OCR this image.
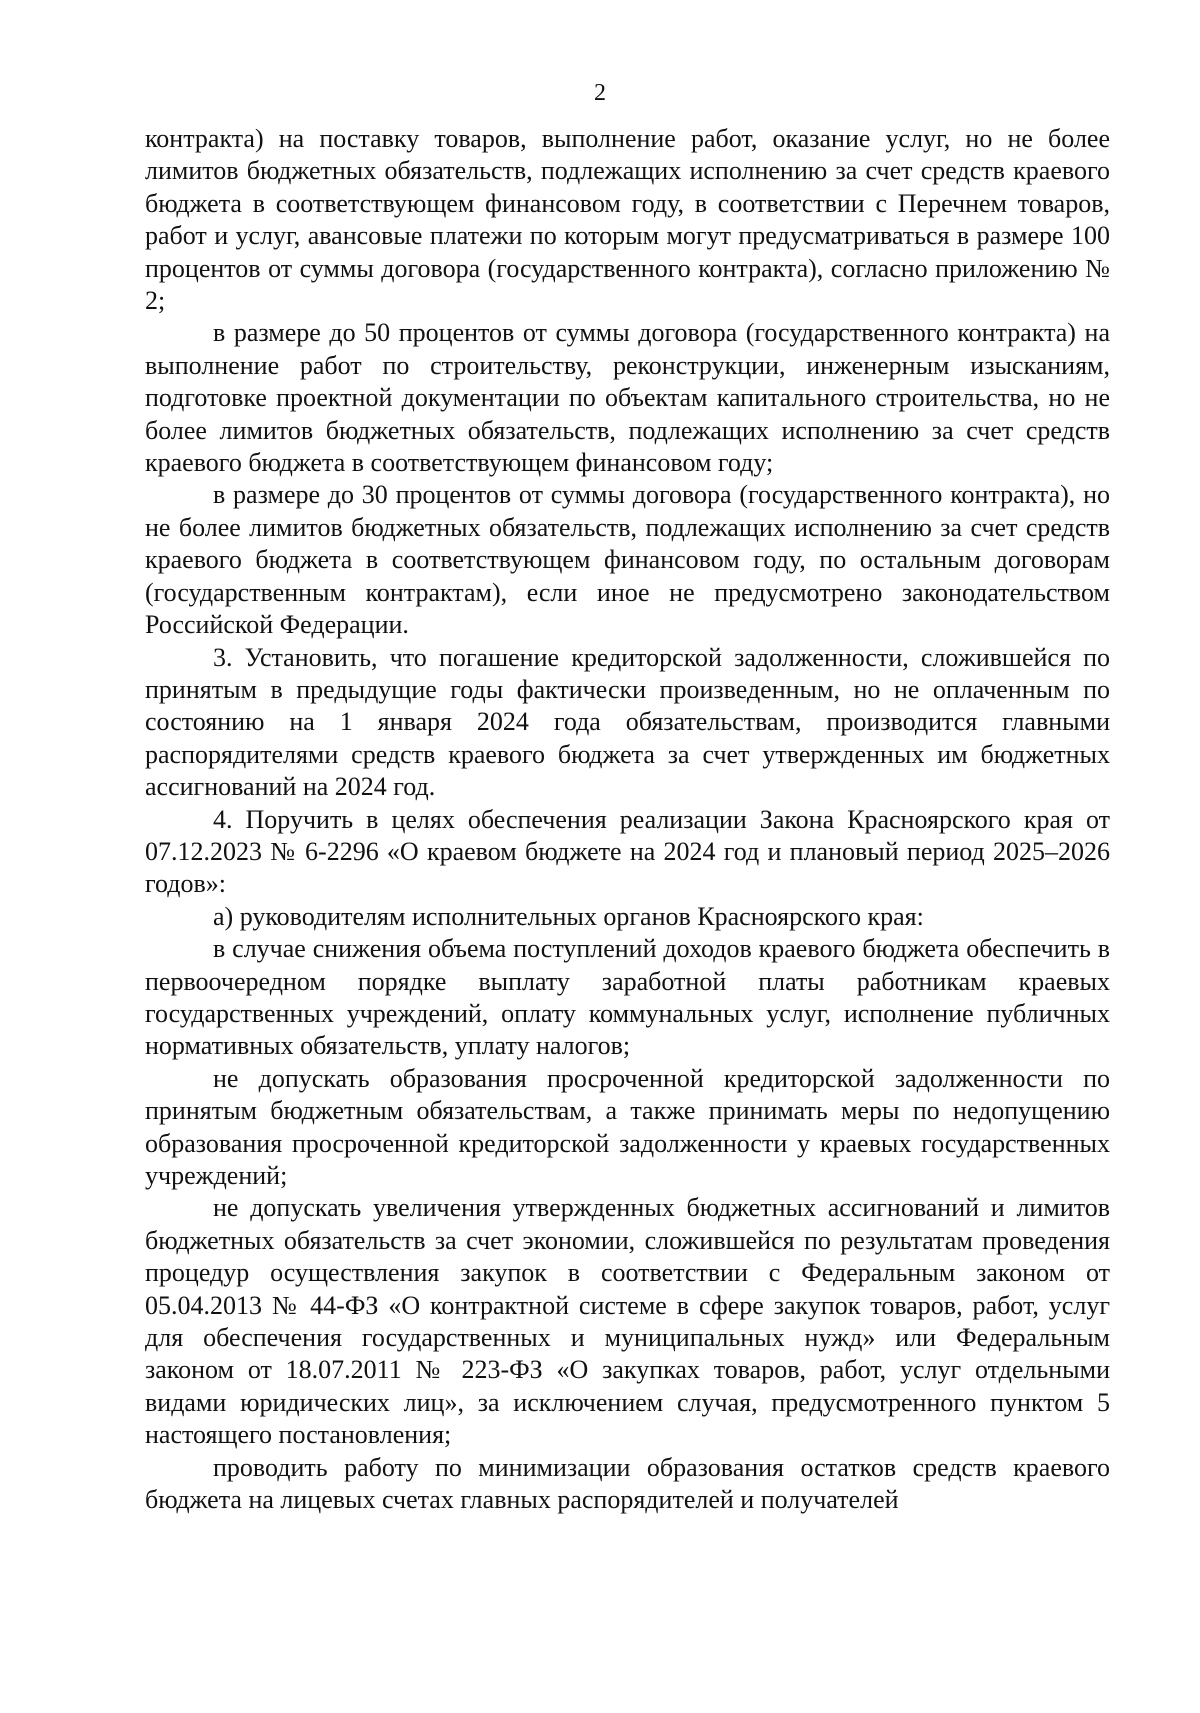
2

контракта) на поставку товаров, выполнение работ, оказание услуг, но не более лимитов бюджетных обязательств, подлежащих исполнению за счет средств краевого бюджета в соответствующем финансовом году, в соответствии с Перечнем товаров, работ и услуг, авансовые платежи по которым могут предусматриваться в размере 100 процентов от суммы договора (государственного контракта), согласно приложению № 2;

в размере до 50 процентов от суммы договора (государственного контракта) на выполнение работ по строительству, реконструкции, инженерным изысканиям, подготовке проектной документации по объектам капитального строительства, но не более лимитов бюджетных обязательств, подлежащих исполнению за счет средств краевого бюджета в соответствующем финансовом году;

в размере до 30 процентов от суммы договора (государственного контракта), но не более лимитов бюджетных обязательств, подлежащих исполнению за счет средств краевого бюджета в соответствующем финансовом году, по остальным договорам (государственным контрактам), если иное не предусмотрено законодательством Российской Федерации.

3. Установить, что погашение кредиторской задолженности, сложившейся по принятым в предыдущие годы фактически произведенным, но не оплаченным по состоянию на 1 января 2024 года обязательствам, производится главными распорядителями средств краевого бюджета за счет утвержденных им бюджетных ассигнований на 2024 год.

4. Поручить в целях обеспечения реализации Закона Красноярского края от 07.12.2023 № 6-2296 «О краевом бюджете на 2024 год и плановый период 2025–2026 годов»:

а) руководителям исполнительных органов Красноярского края:

в случае снижения объема поступлений доходов краевого бюджета обеспечить в первоочередном порядке выплату заработной платы работникам краевых государственных учреждений, оплату коммунальных услуг, исполнение публичных нормативных обязательств, уплату налогов;

не допускать образования просроченной кредиторской задолженности по принятым бюджетным обязательствам, а также принимать меры по недопущению образования просроченной кредиторской задолженности у краевых государственных учреждений;

не допускать увеличения утвержденных бюджетных ассигнований и лимитов бюджетных обязательств за счет экономии, сложившейся по результатам проведения процедур осуществления закупок в соответствии с Федеральным законом от 05.04.2013 № 44-ФЗ «О контрактной системе в сфере закупок товаров, работ, услуг для обеспечения государственных и муниципальных нужд» или Федеральным законом от 18.07.2011 № 223-ФЗ «О закупках товаров, работ, услуг отдельными видами юридических лиц», за исключением случая, предусмотренного пунктом 5 настоящего постановления;

проводить работу по минимизации образования остатков средств краевого бюджета на лицевых счетах главных распорядителей и получателей
